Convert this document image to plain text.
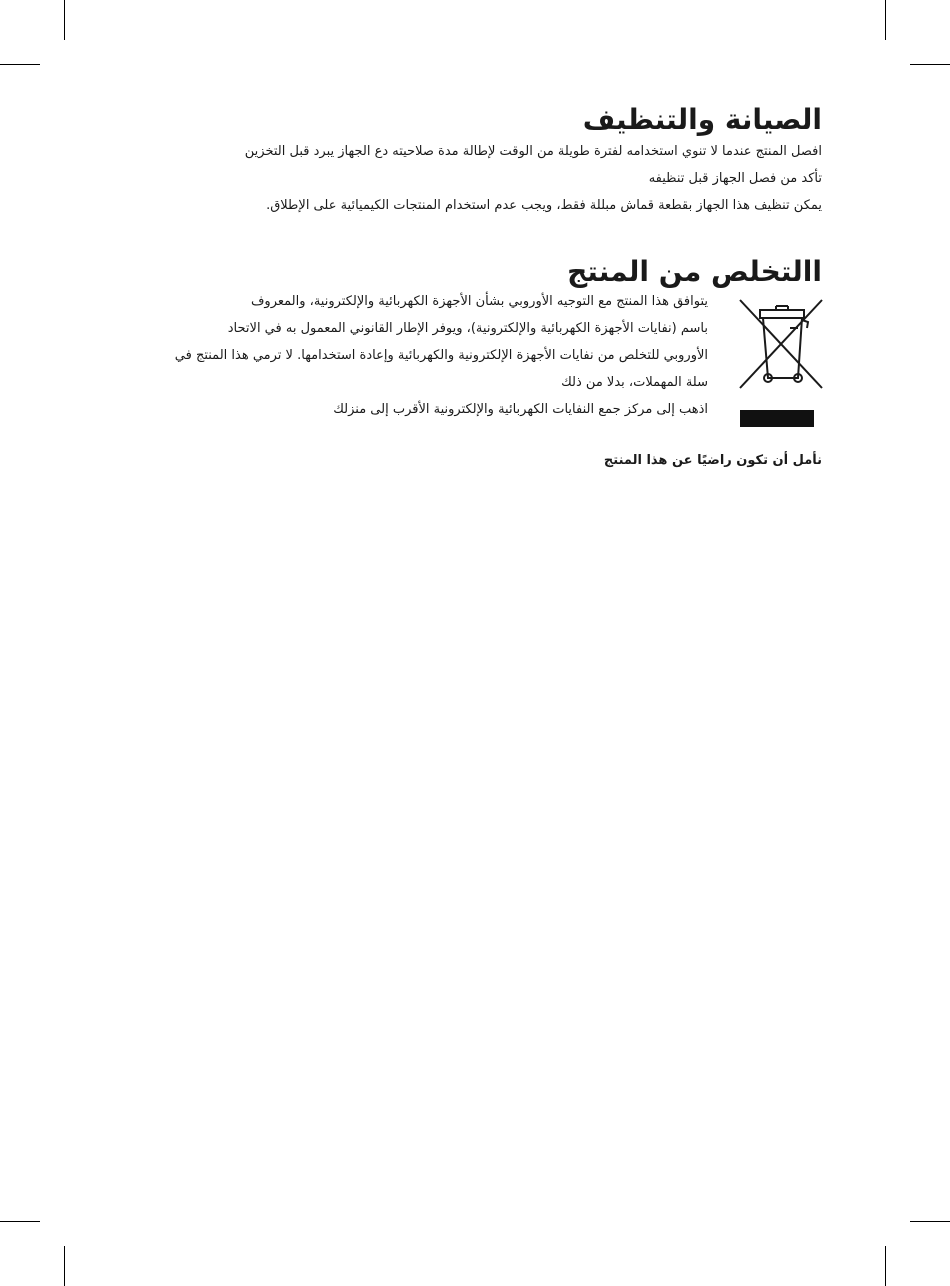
الصيانة والتنظيف

افصل المنتج عندما لا تنوي استخدامه لفترة طويلة من الوقت لإطالة مدة صلاحيته دع الجهاز يبرد قبل التخزين

تأكد من فصل الجهاز قبل تنظيفه

يمكن تنظيف هذا الجهاز بقطعة قماش مبللة فقط، ويجب عدم استخدام المنتجات الكيميائية على الإطلاق.

االتخلص من المنتج

يتوافق هذا المنتج مع التوجيه الأوروبي بشأن الأجهزة الكهربائية والإلكترونية، والمعروف

باسم (نفايات الأجهزة الكهربائية والإلكترونية)، ويوفر الإطار القانوني المعمول به في الاتحاد

الأوروبي للتخلص من نفايات الأجهزة الإلكترونية والكهربائية وإعادة استخدامها. لا ترمي هذا المنتج في

سلة المهملات، بدلا من ذلك

اذهب إلى مركز جمع النفايات الكهربائية والإلكترونية الأقرب إلى منزلك

نأمل أن تكون راضيًا عن هذا المنتج
